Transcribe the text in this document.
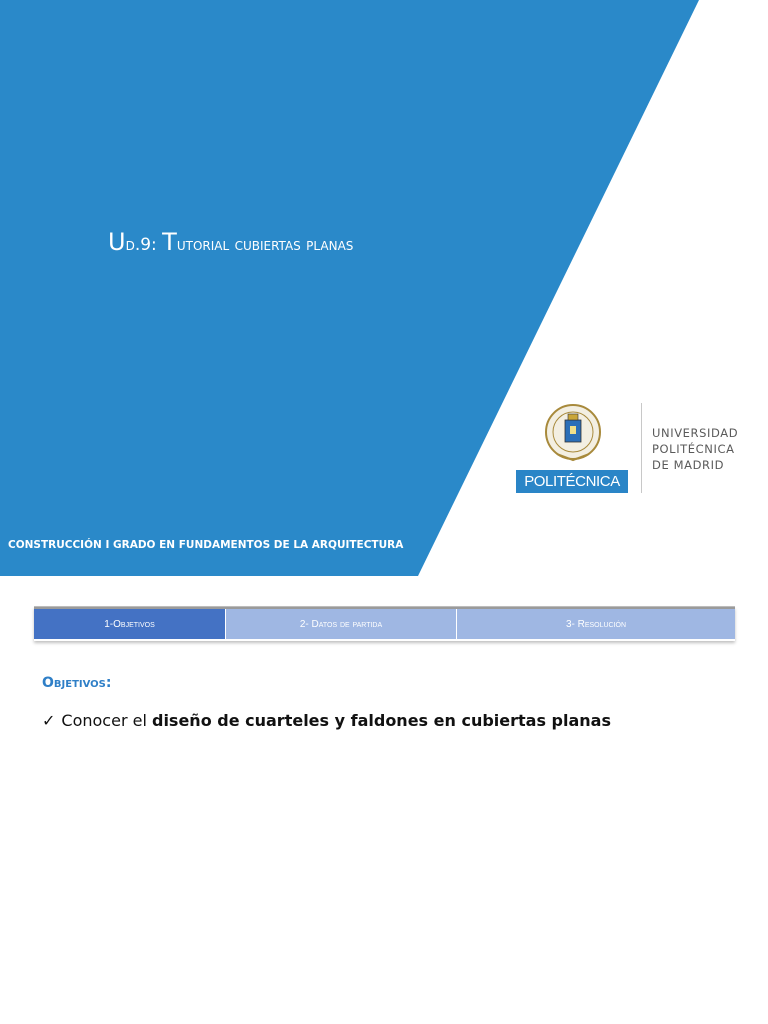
Ud.9: Tutorial cubiertas planas
CONSTRUCCIÓN I GRADO EN FUNDAMENTOS DE LA ARQUITECTURA
POLITÉCNICA
UNIVERSIDAD
POLITÉCNICA
DE MADRID
1-Objetivos	2- Datos de partida	3- Resolución
Objetivos:
✓ Conocer el diseño de cuarteles y faldones en cubiertas planas
